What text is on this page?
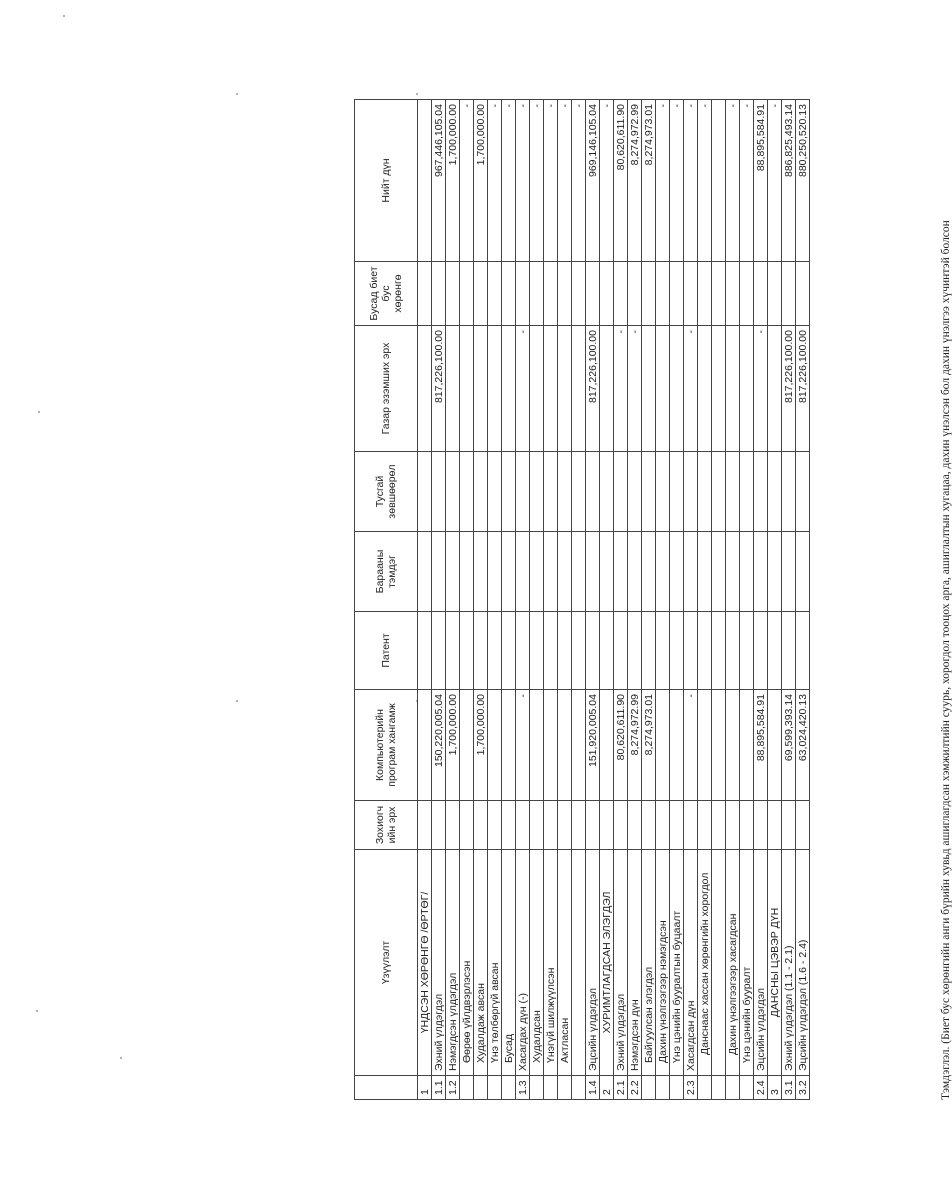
	Үзүүлэлт	Зохиогч ийн эрх	Компьютерийн програм хангамж	Патент	Барааны тэмдэг	Тусгай зөвшөөрөл	Газар эзэмших эрх	Бусад биет бус хөрөнгө	Нийт дүн
1	ҮНДСЭН ХӨРӨНГӨ /ӨРТӨГ/								
1.1	Эхний үлдэгдэл		150,220,005.04				817,226,100.00		967,446,105.04
1.2	Нэмэгдсэн үлдэгдэл		1,700,000.00						1,700,000.00
	Өөрөө үйлдвэрлэсэн								-
	Худалдаж авсан		1,700,000.00						1,700,000.00
	Үнэ төлбөргүй авсан								-
	Бусад								-
1.3	Хасагдах дүн (-)		-				-		-
	Худалдсан								-
	Үнэгүй шилжүүлсэн								-
	Актласан								-
									-
1.4	Эцсийн үлдэгдэл		151,920,005.04				817,226,100.00		969,146,105.04
2	ХУРИМТЛАГДСАН ЭЛЭГДЭЛ								-
2.1	Эхний үлдэгдэл		80,620,611.90				-		80,620,611.90
2.2	Нэмэгдсэн дүн		8,274,972.99				-		8,274,972.99
	Байгуулсан элэгдэл		8,274,973.01						8,274,973.01
	Дахин үнэлгээгээр нэмэгдсэн								-
	Үнэ цэнийн бууралтын буцаалт								-
2.3	Хасагдсан дүн		-				-		-
	Данснаас хассан хөрөнгийн хорогдол								-

	Дахин үнэлгээгээр хасагдсан								-
	Үнэ цэнийн бууралт								-
2.4	Эцсийн үлдэгдэл		88,895,584.91				-		88,895,584.91
3	ДАНСНЫ ЦЭВЭР ДҮН								-
3.1	Эхний үлдэгдэл (1.1 - 2.1)		69,599,393.14				817,226,100.00		886,825,493.14
3.2	Эцсийн үлдэгдэл (1.6 - 2.4)		63,024,420.13				817,226,100.00		880,250,520.13
Тэмдэглэл. (Биет бус хөрөнгийн анги бүрийн хувьд ашиглагдсан хэмжилтийн суурь, хорогдол тооцох арга, ашиглалтын хугацаа, дахин үнэлсэн бол дахин үнэлгээ хүчинтэй болсон
